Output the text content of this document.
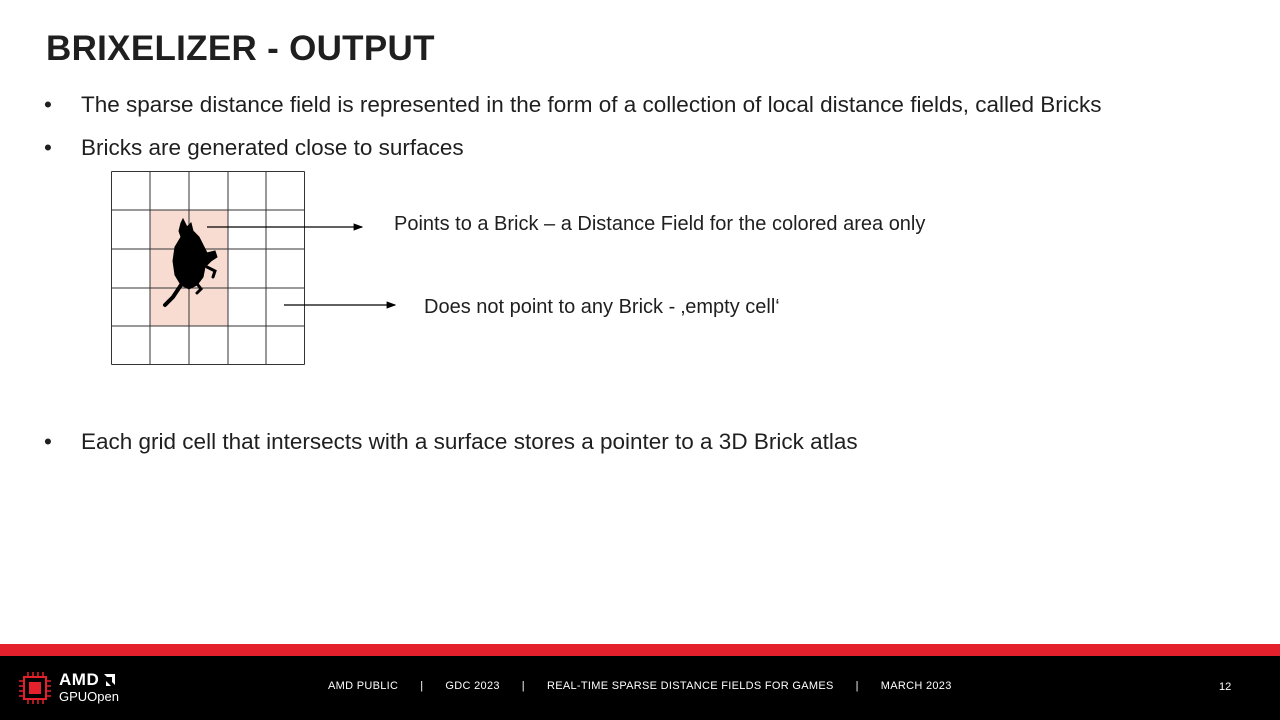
BRIXELIZER - OUTPUT
• The sparse distance field is represented in the form of a collection of local distance fields, called Bricks
• Bricks are generated close to surfaces
Points to a Brick – a Distance Field for the colored area only
Does not point to any Brick - ‚empty cell‘
• Each grid cell that intersects with a surface stores a pointer to a 3D Brick atlas
AMD
GPUOpen
AMD PUBLIC | GDC 2023 | REAL-TIME SPARSE DISTANCE FIELDS FOR GAMES | MARCH 2023	12
